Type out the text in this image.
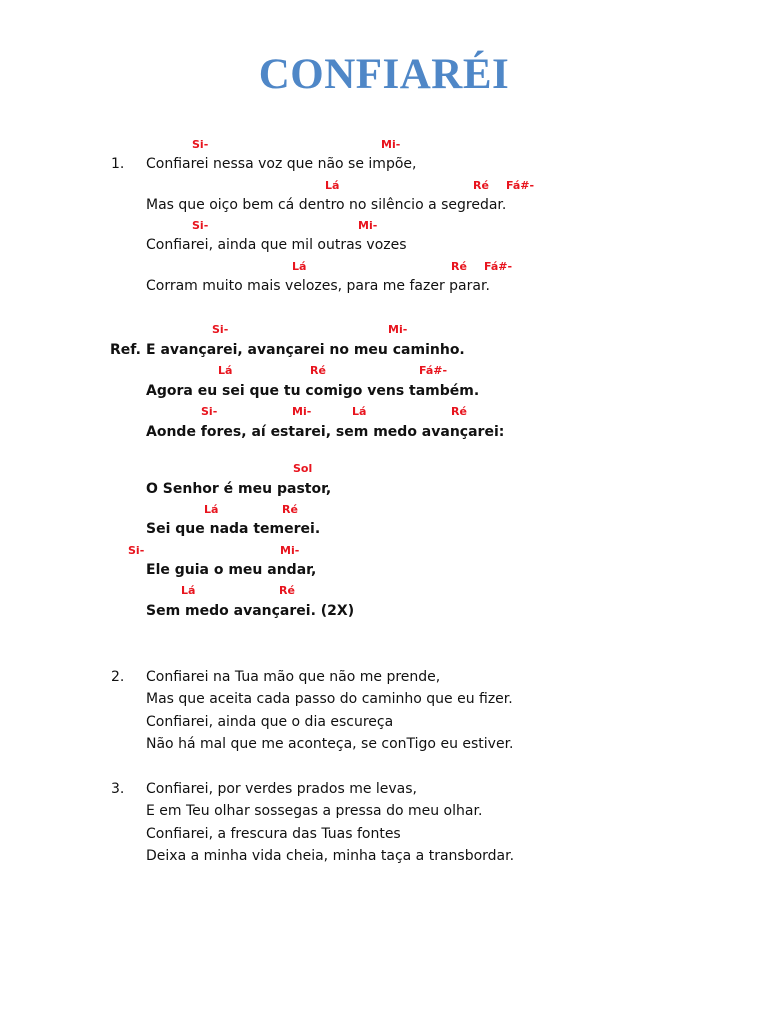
CONFIARÉI
Si-	Mi-
1. Confiarei nessa voz que não se impõe,
Lá	Ré Fá#-
Mas que oiço bem cá dentro no silêncio a segredar.
Si-	Mi-
Confiarei, ainda que mil outras vozes
Lá	Ré Fá#-
Corram muito mais velozes, para me fazer parar.
Si-	Mi-
Ref. E avançarei, avançarei no meu caminho.
Lá	Ré	Fá#-
Agora eu sei que tu comigo vens também.
Si-	Mi-	Lá	Ré
Aonde fores, aí estarei, sem medo avançarei:
Sol
O Senhor é meu pastor,
Lá	Ré
Sei que nada temerei.
Si-	Mi-
Ele guia o meu andar,
Lá	Ré
Sem medo avançarei. (2X)
2. Confiarei na Tua mão que não me prende,
Mas que aceita cada passo do caminho que eu fizer.
Confiarei, ainda que o dia escureça
Não há mal que me aconteça, se conTigo eu estiver.
3. Confiarei, por verdes prados me levas,
E em Teu olhar sossegas a pressa do meu olhar.
Confiarei, a frescura das Tuas fontes
Deixa a minha vida cheia, minha taça a transbordar.
